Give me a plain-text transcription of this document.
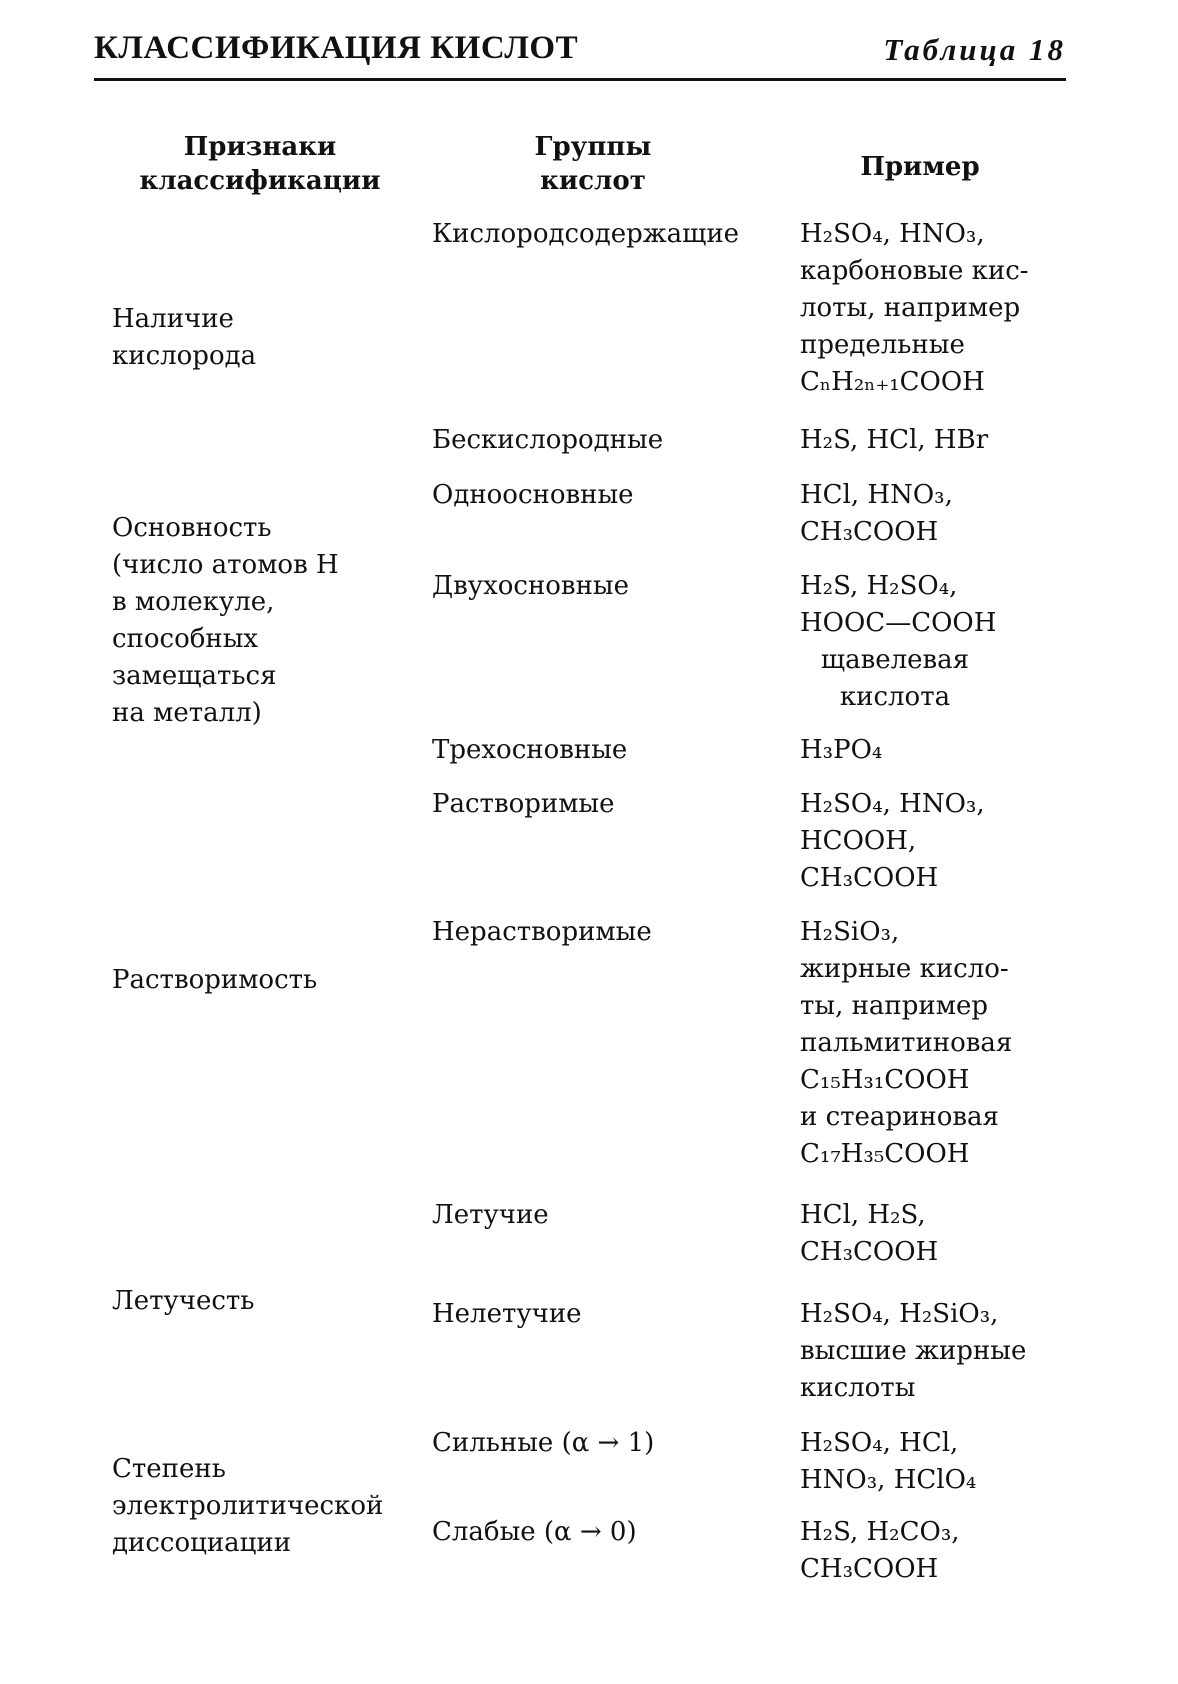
КЛАССИФИКАЦИЯ КИСЛОТ	Таблица 18
Признаки
классификации
Группы
кислот	Пример
Наличие
кислорода
Основность
(число атомов H
в молекуле,
способных
замещаться
на металл)
Растворимость
Летучесть
Степень
электролитической
диссоциации
Кислородсодержащие
Бескислородные
Одноосновные
Двухосновные
Трехосновные
Растворимые
Нерастворимые
Летучие
Нелетучие
Сильные (α → 1)
Слабые (α → 0)
H₂SO₄, HNO₃,
карбоновые кис-
лоты, например
предельные
CₙH₂ₙ₊₁COOH
H₂S, HCl, HBr
HCl, HNO₃,
CH₃COOH
H₂S, H₂SO₄,
HOOC—COOH
щавелевая
кислота
H₃PO₄
H₂SO₄, HNO₃,
HCOOH,
CH₃COOH
H₂SiO₃,
жирные кисло-
ты, например
пальмитиновая
C₁₅H₃₁COOH
и стеариновая
C₁₇H₃₅COOH
HCl, H₂S,
CH₃COOH
H₂SO₄, H₂SiO₃,
высшие жирные
кислоты
H₂SO₄, HCl,
HNO₃, HClO₄
H₂S, H₂CO₃,
CH₃COOH
